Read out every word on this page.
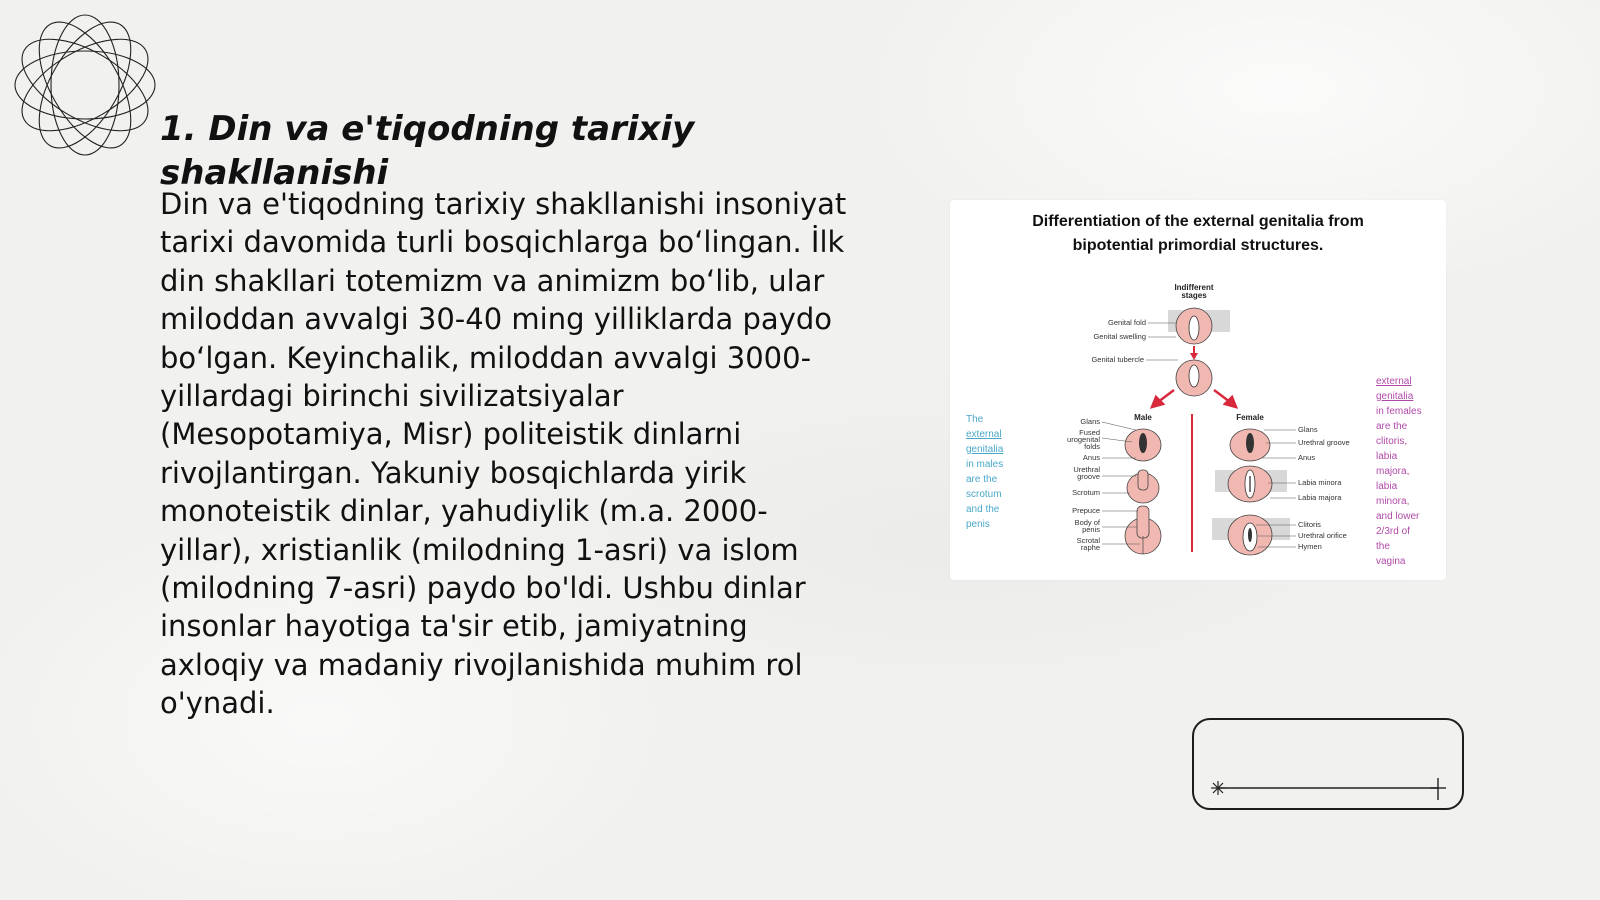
1. Din va e'tiqodning tarixiy shakllanishi

Din va e'tiqodning tarixiy shakllanishi insoniyat tarixi davomida turli bosqichlarga bo‘lingan. İlk din shakllari totemizm va animizm bo‘lib, ular miloddan avvalgi 30-40 ming yilliklarda paydo bo‘lgan. Keyinchalik, miloddan avvalgi 3000-yillardagi birinchi sivilizatsiyalar (Mesopotamiya, Misr) politeistik dinlarni rivojlantirgan. Yakuniy bosqichlarda yirik monoteistik dinlar, yahudiylik (m.a. 2000-yillar), xristianlik (milodning 1-asri) va islom (milodning 7-asri) paydo bo'ldi. Ushbu dinlar insonlar hayotiga ta'sir etib, jamiyatning axloqiy va madaniy rivojlanishida muhim rol o'ynadi.

Differentiation of the external genitalia from
bipotential primordial structures.
Indifferent
stages
Genital fold
Genital swelling
Genital tubercle
Male	Female
Glans
Fused
urogenital
folds
Anus
Urethral
groove
Scrotum
Prepuce
Body of
penis
Scrotal
raphe
Glans
Urethral groove
Anus
Labia minora
Labia majora
Clitoris
Urethral orifice
Hymen
The
external
genitalia
in males
are the
scrotum
and the
penis
external
genitalia
in females
are the
clitoris,
labia
majora,
labia
minora,
and lower
2/3rd of
the
vagina
